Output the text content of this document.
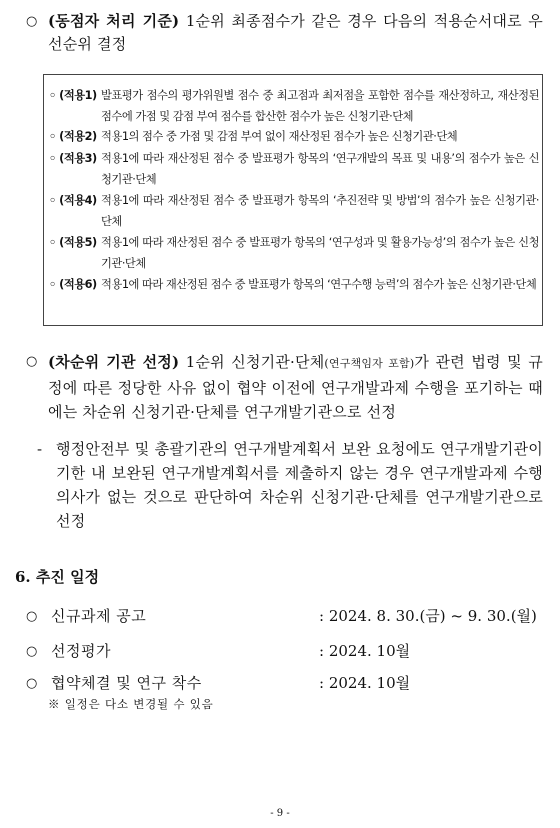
○ (동점자 처리 기준) 1순위 최종점수가 같은 경우 다음의 적용순서대로 우선순위 결정
◦ (적용1) 발표평가 점수의 평가위원별 점수 중 최고점과 최저점을 포함한 점수를 재산정하고, 재산정된 점수에 가점 및 감점 부여 점수를 합산한 점수가 높은 신청기관·단체
◦ (적용2) 적용1의 점수 중 가점 및 감점 부여 없이 재산정된 점수가 높은 신청기관·단체
◦ (적용3) 적용1에 따라 재산정된 점수 중 발표평가 항목의 ‘연구개발의 목표 및 내용’의 점수가 높은 신청기관·단체
◦ (적용4) 적용1에 따라 재산정된 점수 중 발표평가 항목의 ‘추진전략 및 방법’의 점수가 높은 신청기관·단체
◦ (적용5) 적용1에 따라 재산정된 점수 중 발표평가 항목의 ‘연구성과 및 활용가능성’의 점수가 높은 신청기관·단체
◦ (적용6) 적용1에 따라 재산정된 점수 중 발표평가 항목의 ‘연구수행 능력’의 점수가 높은 신청기관·단체
○ (차순위 기관 선정) 1순위 신청기관·단체(연구책임자 포함)가 관련 법령 및 규정에 따른 정당한 사유 없이 협약 이전에 연구개발과제 수행을 포기하는 때에는 차순위 신청기관·단체를 연구개발기관으로 선정
- 행정안전부 및 총괄기관의 연구개발계획서 보완 요청에도 연구개발기관이 기한 내 보완된 연구개발계획서를 제출하지 않는 경우 연구개발과제 수행 의사가 없는 것으로 판단하여 차순위 신청기관·단체를 연구개발기관으로 선정
6. 추진 일정
○ 신규과제 공고	: 2024. 8. 30.(금) ~ 9. 30.(월)
○ 선정평가	: 2024. 10월
○ 협약체결 및 연구 착수	: 2024. 10월
※ 일정은 다소 변경될 수 있음
- 9 -
